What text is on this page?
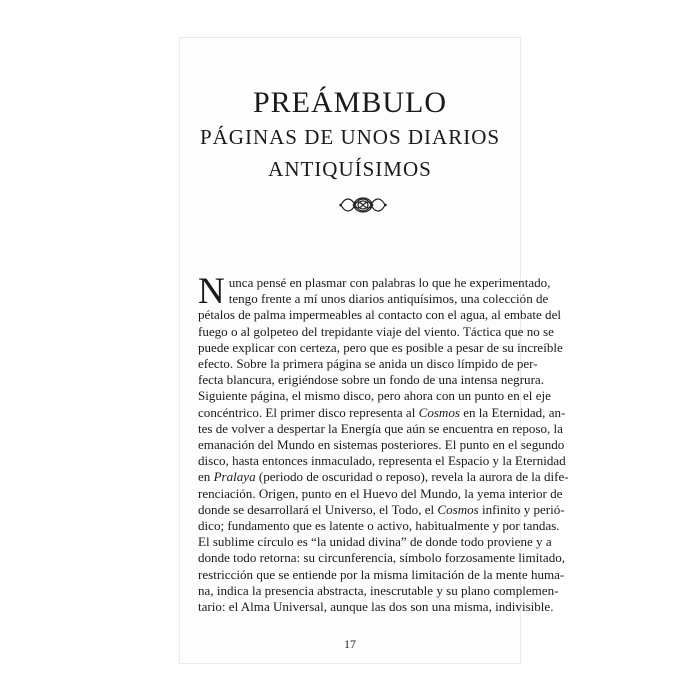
PREÁMBULO
PÁGINAS DE UNOS DIARIOS
ANTIQUÍSIMOS
N unca pensé en plasmar con palabras lo que he experimentado,
tengo frente a mí unos diarios antiquísimos, una colección de
pétalos de palma impermeables al contacto con el agua, al embate del
fuego o al golpeteo del trepidante viaje del viento. Táctica que no se
puede explicar con certeza, pero que es posible a pesar de su increíble
efecto. Sobre la primera página se anida un disco límpido de per-
fecta blancura, erigiéndose sobre un fondo de una intensa negrura.
Siguiente página, el mismo disco, pero ahora con un punto en el eje
concéntrico. El primer disco representa al Cosmos en la Eternidad, an-
tes de volver a despertar la Energía que aún se encuentra en reposo, la
emanación del Mundo en sistemas posteriores. El punto en el segundo
disco, hasta entonces inmaculado, representa el Espacio y la Eternidad
en Pralaya (periodo de oscuridad o reposo), revela la aurora de la dife-
renciación. Origen, punto en el Huevo del Mundo, la yema interior de
donde se desarrollará el Universo, el Todo, el Cosmos infinito y perió-
dico; fundamento que es latente o activo, habitualmente y por tandas.
El sublime círculo es “la unidad divina” de donde todo proviene y a
donde todo retorna: su circunferencia, símbolo forzosamente limitado,
restricción que se entiende por la misma limitación de la mente huma-
na, indica la presencia abstracta, inescrutable y su plano complemen-
tario: el Alma Universal, aunque las dos son una misma, indivisible.
17
